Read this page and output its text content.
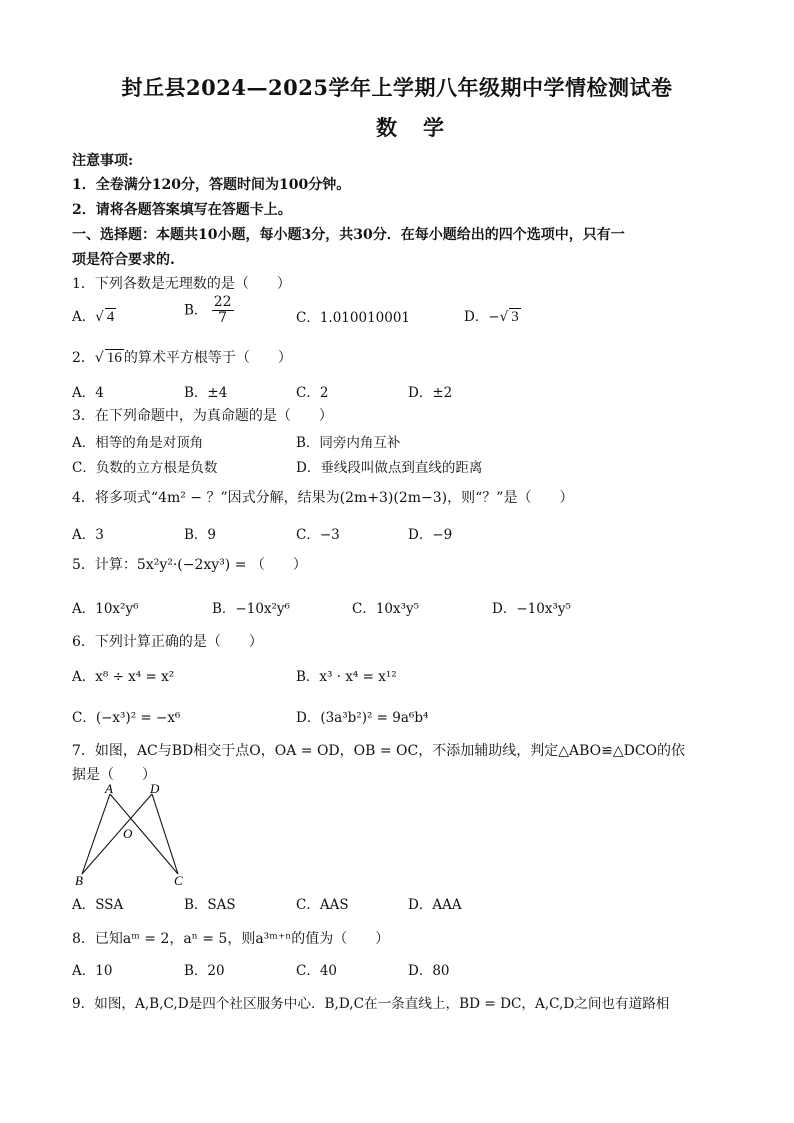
封丘县2024—2025学年上学期八年级期中学情检测试卷
数学
注意事项:
1．全卷满分120分，答题时间为100分钟。
2．请将各题答案填写在答题卡上。
一、选择题：本题共10小题，每小题3分，共30分．在每小题给出的四个选项中，只有一
项是符合要求的.
1．下列各数是无理数的是（　　）
A．√ 4	B． $\frac{22}{7}$	C．1.010010001	D．−√ 3
2．√ 16 的算术平方根等于（　　）
A．4	B．±4	C．2	D．±2
3．在下列命题中，为真命题的是（　　）
A．相等的角是对顶角	B．同旁内角互补
C．负数的立方根是负数	D．垂线段叫做点到直线的距离
4．将多项式“4m² − ？”因式分解，结果为(2m+3)(2m−3)，则“？”是（　　）
A．3	B．9	C．−3	D．−9
5．计算：5x²y²·(−2xy³) = （　　）
A．10x²y⁶	B．−10x²y⁶	C．10x³y⁵	D．−10x³y⁵
6．下列计算正确的是（　　）
A．x⁸ ÷ x⁴ = x²	B．x³ · x⁴ = x¹²
C．(−x³)² = −x⁶	D．(3a³b²)² = 9a⁶b⁴
7．如图，AC与BD相交于点O，OA = OD，OB = OC，不添加辅助线，判定△ABO≌△DCO的依
据是（　　）
A	D
O
B	C
A．SSA	B．SAS	C．AAS	D．AAA
8．已知aᵐ = 2，aⁿ = 5，则a³ᵐ⁺ⁿ的值为（　　）
A．10	B．20	C．40	D．80
9．如图，A,B,C,D是四个社区服务中心．B,D,C在一条直线上，BD = DC，A,C,D之间也有道路相
